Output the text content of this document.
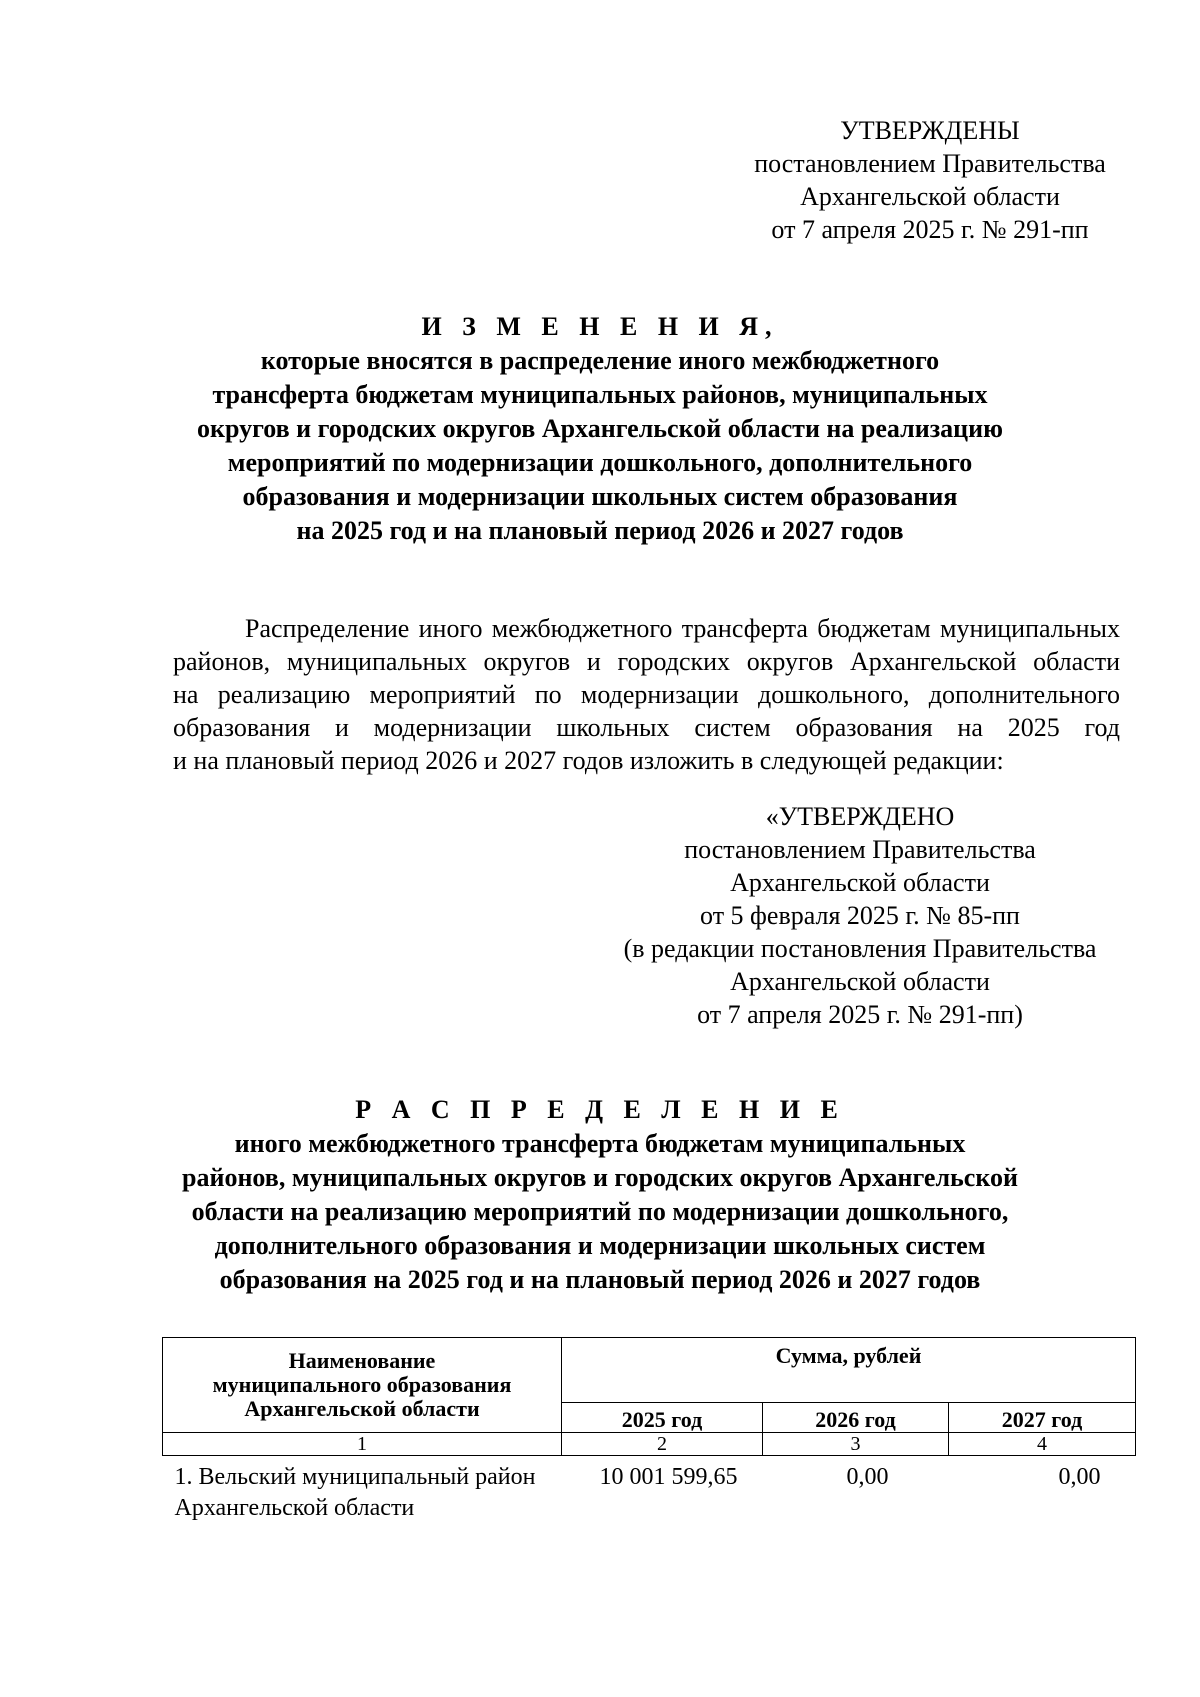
УТВЕРЖДЕНЫ
постановлением Правительства
Архангельской области
от 7 апреля 2025 г. № 291-пп
И З М Е Н Е Н И Я,
которые вносятся в распределение иного межбюджетного
трансферта бюджетам муниципальных районов, муниципальных
округов и городских округов Архангельской области на реализацию
мероприятий по модернизации дошкольного, дополнительного
образования и модернизации школьных систем образования
на 2025 год и на плановый период 2026 и 2027 годов
Распределение иного межбюджетного трансферта бюджетам муниципальных
районов, муниципальных округов и городских округов Архангельской области
на реализацию мероприятий по модернизации дошкольного, дополнительного
образования и модернизации школьных систем образования на 2025 год
и на плановый период 2026 и 2027 годов изложить в следующей редакции:
«УТВЕРЖДЕНО
постановлением Правительства
Архангельской области
от 5 февраля 2025 г. № 85-пп
(в редакции постановления Правительства
Архангельской области
от 7 апреля 2025 г. № 291-пп)
Р А С П Р Е Д Е Л Е Н И Е
иного межбюджетного трансферта бюджетам муниципальных
районов, муниципальных округов и городских округов Архангельской
области на реализацию мероприятий по модернизации дошкольного,
дополнительного образования и модернизации школьных систем
образования на 2025 год и на плановый период 2026 и 2027 годов
Наименование
муниципального образования
Архангельской области	Сумма, рублей		
	2025 год	2026 год	2027 год
1	2	3	4

1. Вельский муниципальный район
Архангельской области	10 001 599,65	0,00	0,00
